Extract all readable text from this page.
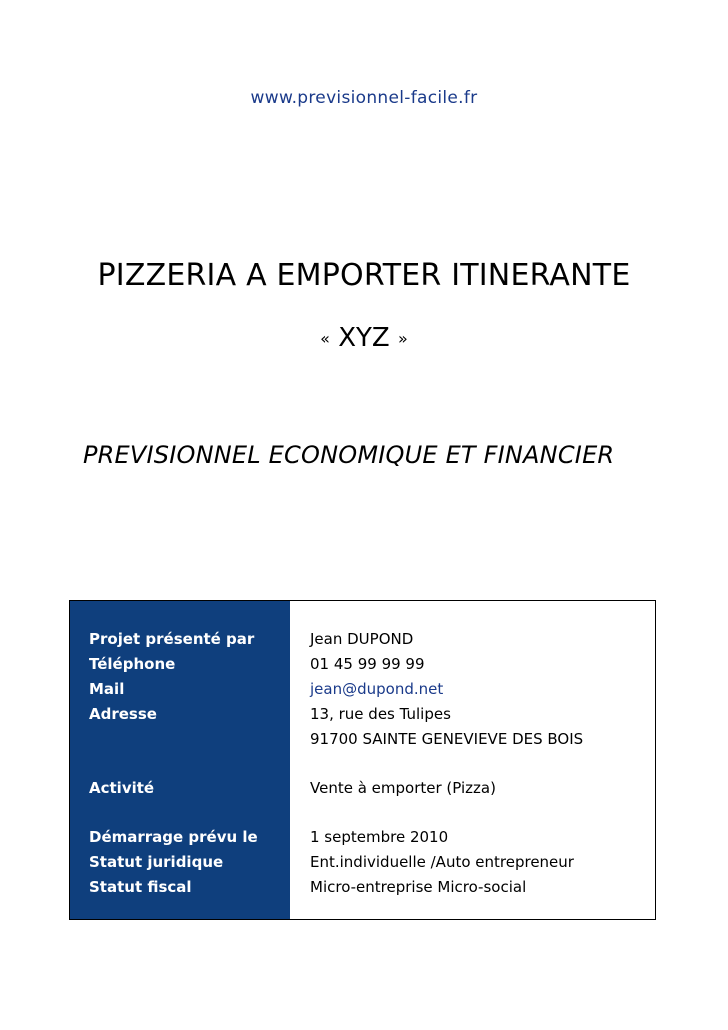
www.previsionnel-facile.fr
PIZZERIA A EMPORTER ITINERANTE
« XYZ »
PREVISIONNEL ECONOMIQUE ET FINANCIER
Projet présenté par
Téléphone
Mail
Adresse
Activité
Démarrage prévu le
Statut juridique
Statut fiscal
Jean DUPOND
01 45 99 99 99
jean@dupond.net
13, rue des Tulipes
91700 SAINTE GENEVIEVE DES BOIS
Vente à emporter (Pizza)
1 septembre 2010
Ent.individuelle /Auto entrepreneur
Micro-entreprise Micro-social
